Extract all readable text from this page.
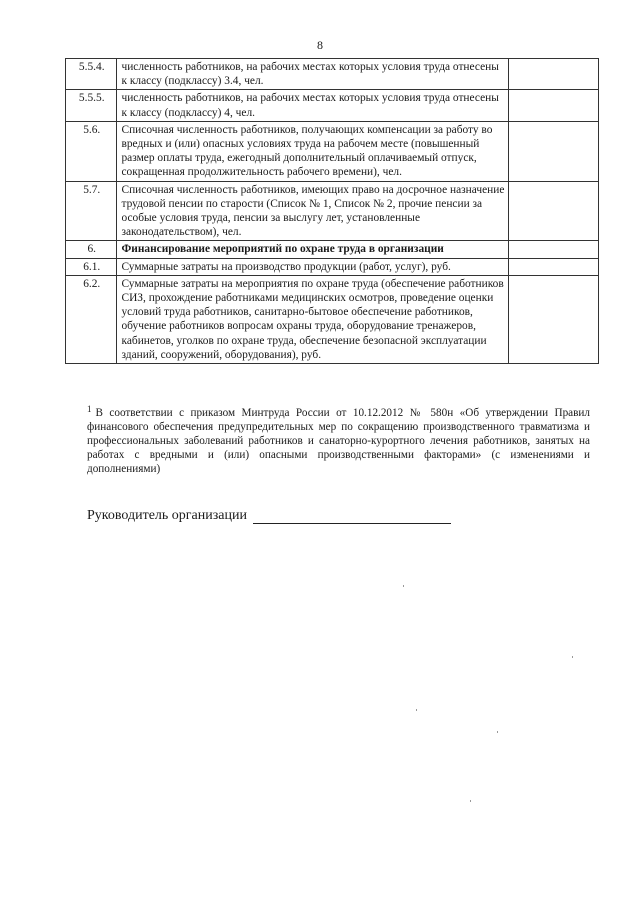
8
5.5.4.	численность работников, на рабочих местах которых условия труда отнесены к классу (подклассу) 3.4, чел.	
5.5.5.	численность работников, на рабочих местах которых условия труда отнесены к классу (подклассу) 4, чел.	
5.6.	Списочная численность работников, получающих компенсации за работу во вредных и (или) опасных условиях труда на рабочем месте (повышенный размер оплаты труда, ежегодный дополнительный оплачиваемый отпуск, сокращенная продолжительность рабочего времени), чел.	
5.7.	Списочная численность работников, имеющих право на досрочное назначение трудовой пенсии по старости (Список № 1, Список № 2, прочие пенсии за особые условия труда, пенсии за выслугу лет, установленные законодательством), чел.	
6.	Финансирование мероприятий по охране труда в организации	
6.1.	Суммарные затраты на производство продукции (работ, услуг), руб.	
6.2.	Суммарные затраты на мероприятия по охране труда (обеспечение работников СИЗ, прохождение работниками медицинских осмотров, проведение оценки условий труда работников, санитарно-бытовое обеспечение работников, обучение работников вопросам охраны труда, оборудование тренажеров, кабинетов, уголков по охране труда, обеспечение безопасной эксплуатации зданий, сооружений, оборудования), руб.	
$^1$ В соответствии с приказом Минтруда России от 10.12.2012 № 580н «Об утверждении Правил финансового обеспечения предупредительных мер по сокращению производственного травматизма и профессиональных заболеваний работников и санаторно-курортного лечения работников, занятых на работах с вредными и (или) опасными производственными факторами» (с изменениями и дополнениями)
Руководитель организации
